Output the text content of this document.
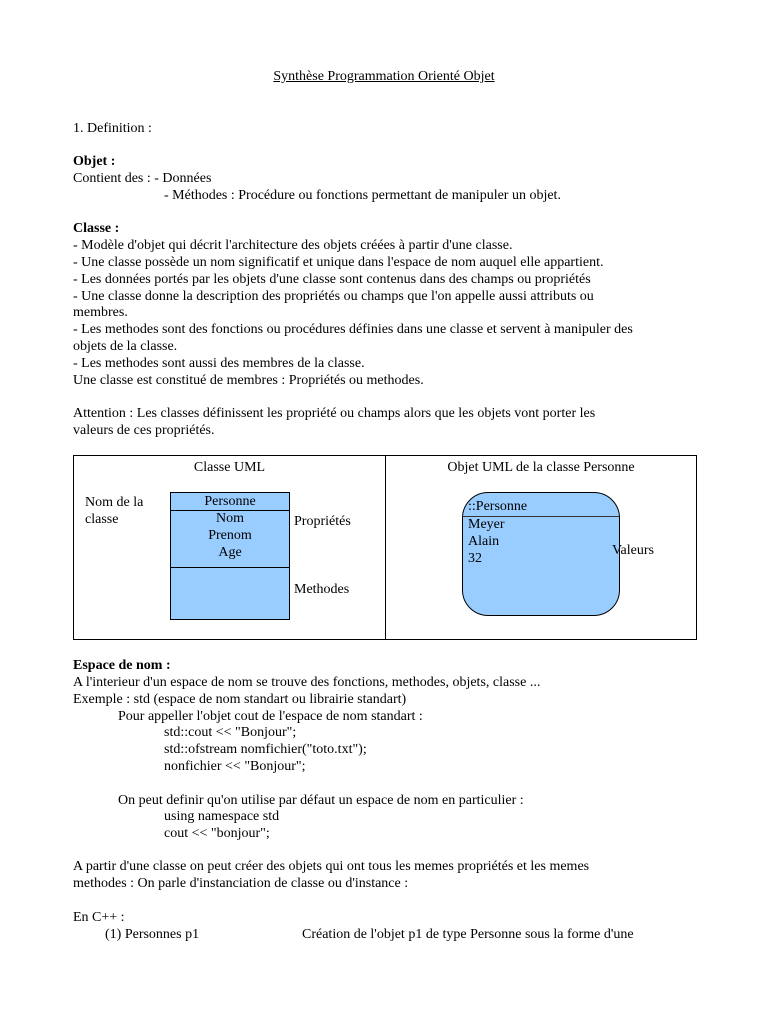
Synthèse Programmation Orienté Objet
1. Definition :
Objet :
Contient des : - Données
- Méthodes : Procédure ou fonctions permettant de manipuler un objet.
Classe :
- Modèle d'objet qui décrit l'architecture des objets créées à partir d'une classe.
- Une classe possède un nom significatif et unique dans l'espace de nom auquel elle appartient.
- Les données portés par les objets d'une classe sont contenus dans des champs ou propriétés
- Une classe donne la description des propriétés ou champs que l'on appelle aussi attributs ou
membres.
- Les methodes sont des fonctions ou procédures définies dans une classe et servent à manipuler des
objets de la classe.
- Les methodes sont aussi des membres de la classe.
Une classe est constitué de membres : Propriétés ou methodes.
Attention : Les classes définissent les propriété ou champs alors que les objets vont porter les
valeurs de ces propriétés.
Classe UML	Objet UML de la classe Personne
Nom de la
classe
Personne
Nom
Prenom
Age
Propriétés
Methodes
::Personne
Meyer
Alain
32
Valeurs
Espace de nom :
A l'interieur d'un espace de nom se trouve des fonctions, methodes, objets, classe ...
Exemple : std (espace de nom standart ou librairie standart)
Pour appeller l'objet cout de l'espace de nom standart :
std::cout << "Bonjour";
std::ofstream nomfichier("toto.txt");
nonfichier << "Bonjour";
On peut definir qu'on utilise par défaut un espace de nom en particulier :
using namespace std
cout << "bonjour";
A partir d'une classe on peut créer des objets qui ont tous les memes propriétés et les memes
methodes : On parle d'instanciation de classe ou d'instance :
En C++ :
(1) Personnes p1	Création de l'objet p1 de type Personne sous la forme d'une
